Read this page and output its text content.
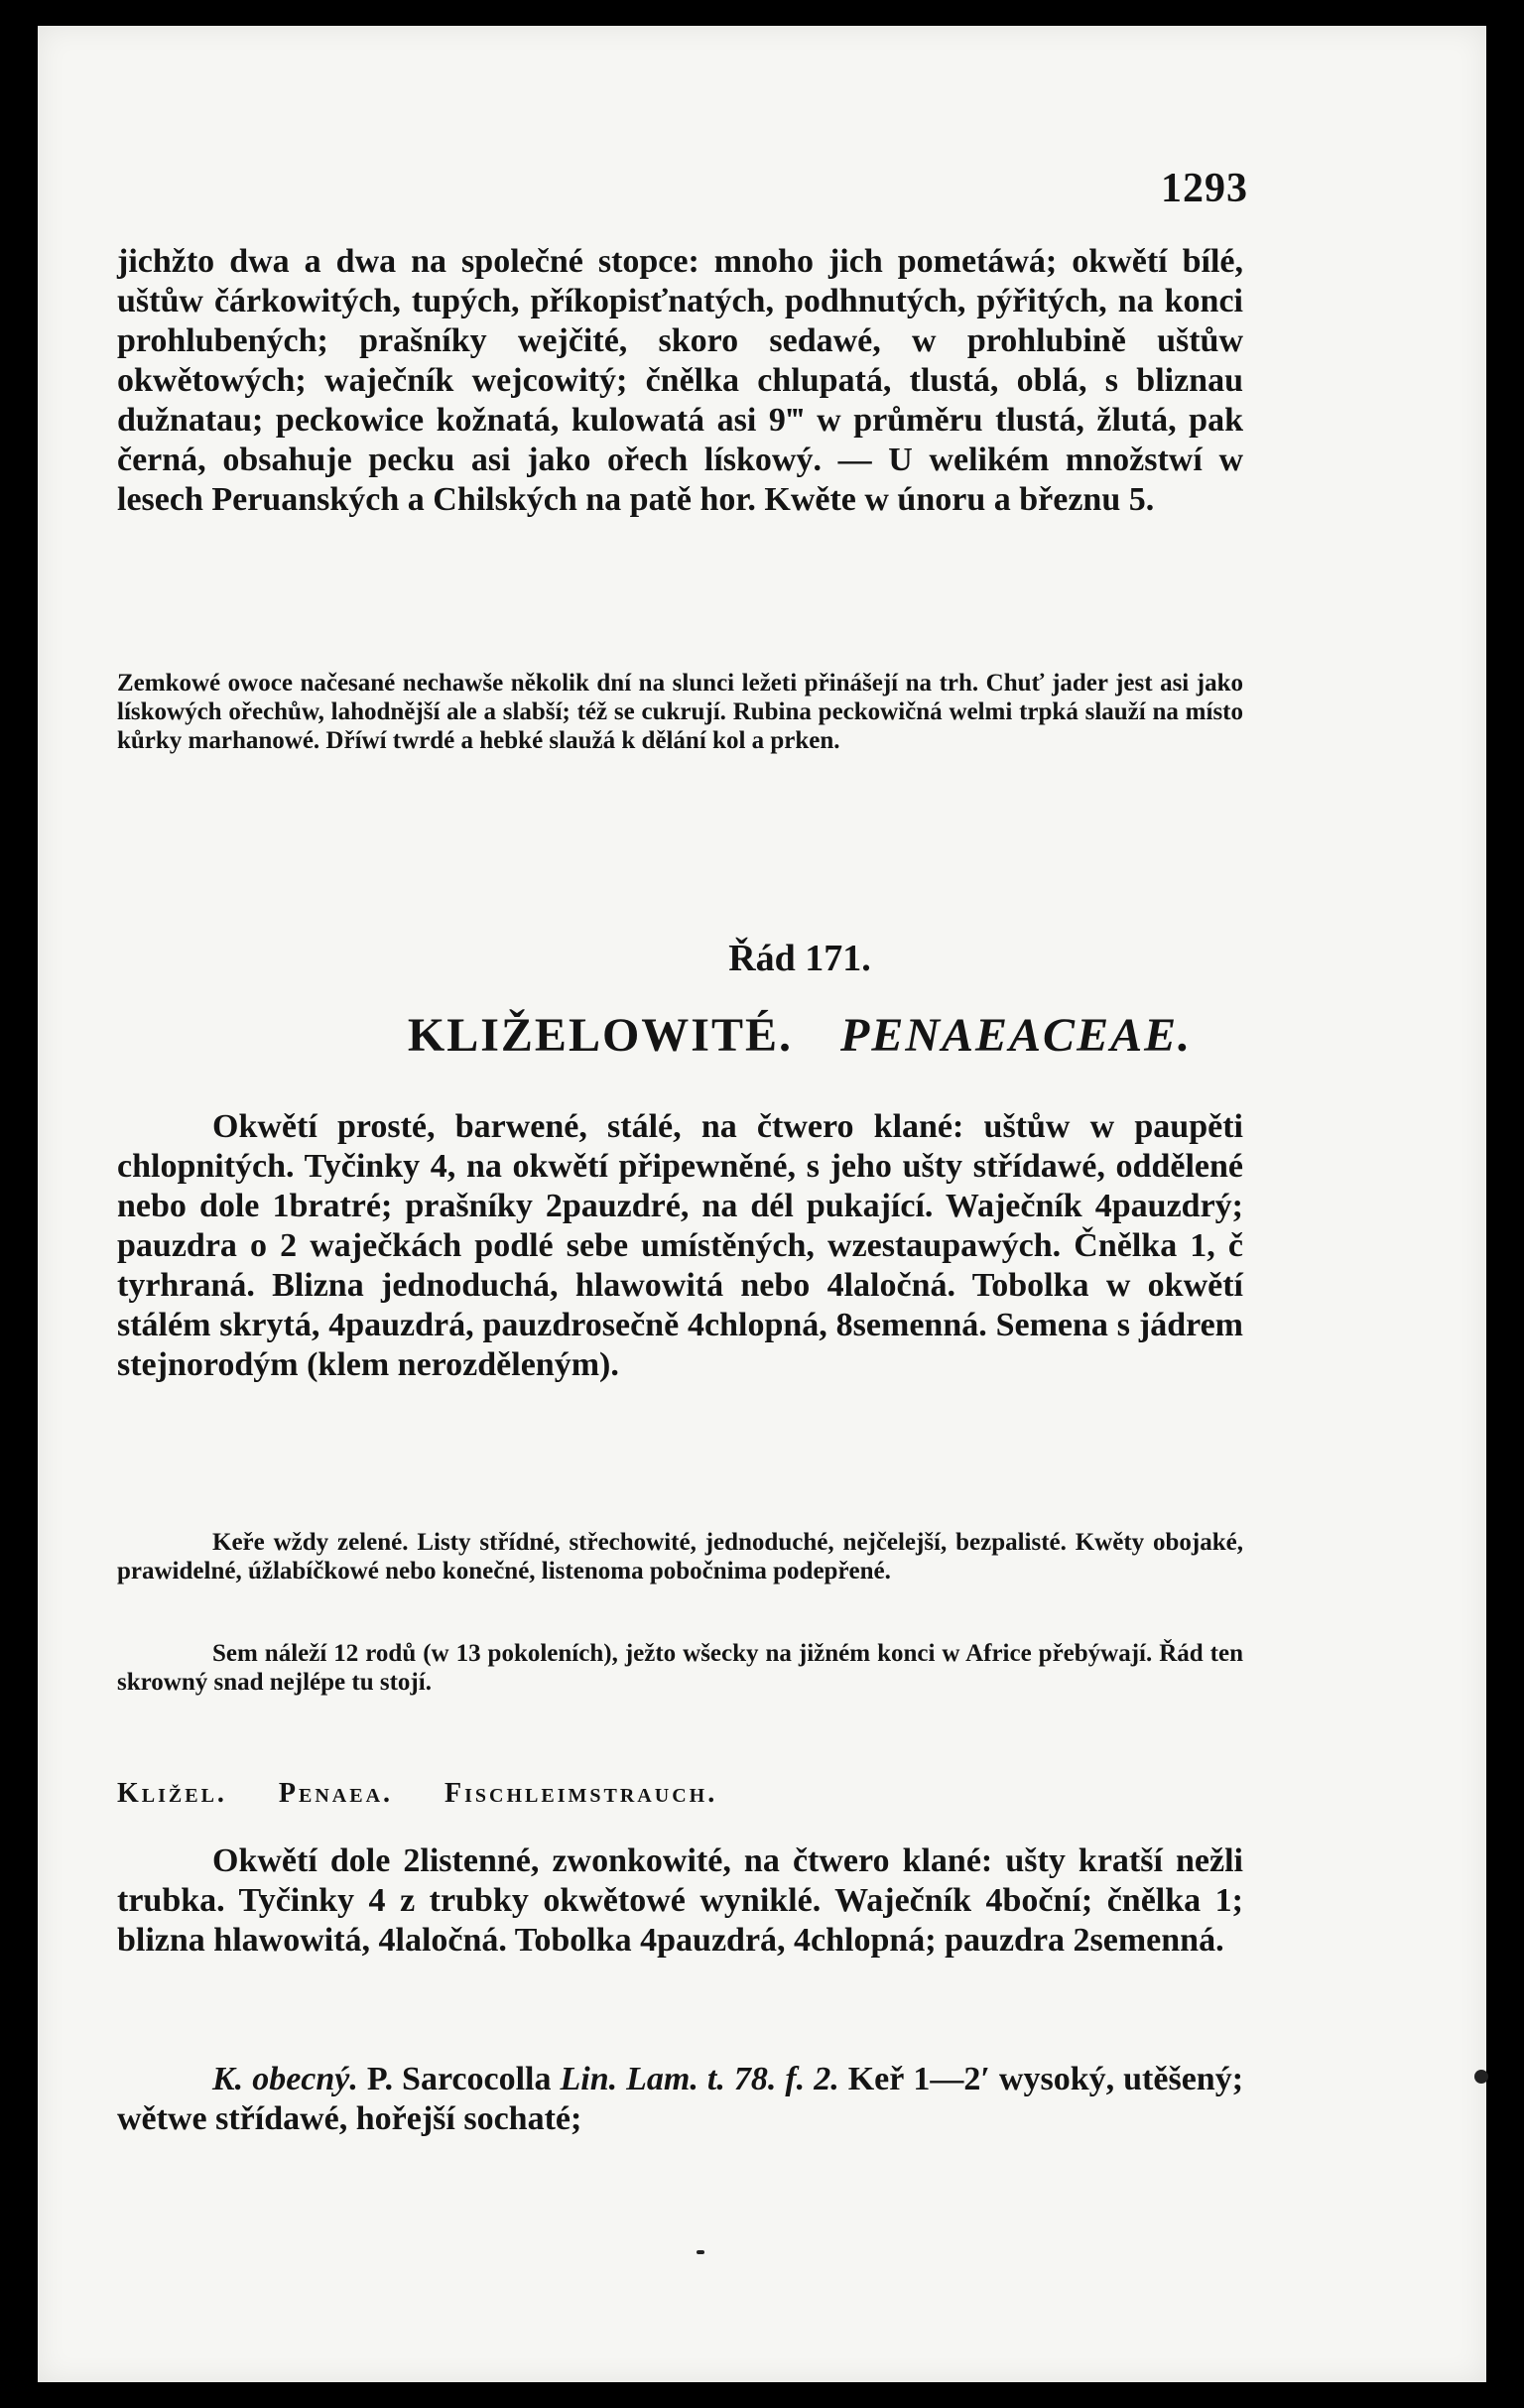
1293

jichžto dwa a dwa na společné stopce: mnoho jich pometáwá; okwětí bílé, uštůw čárkowitých, tupých, příkopisťnatých, podhnutých, pýřitých, na konci prohlubených; prašníky wejčité, skoro sedawé, w prohlubině uštůw okwětowých; waječník wejcowitý; čnělka chlupatá, tlustá, oblá, s bliznau dužnatau; peckowice kožnatá, kulowatá asi 9‴ w průměru tlustá, žlutá, pak černá, obsahuje pecku asi jako ořech lískowý. — U welikém množstwí w lesech Peruanských a Chilských na patě hor. Kwěte w únoru a březnu 5.

Zemkowé owoce načesané nechawše několik dní na slunci ležeti přinášejí na trh. Chuť jader jest asi jako lískowých ořechůw, lahodnější ale a slabší; též se cukrují. Rubina peckowičná welmi trpká slauží na místo kůrky marhanowé. Dříwí twrdé a hebké slaužá k dělání kol a prken.

Řád 171.
KLIŽELOWITÉ. PENAEACEAE.

Okwětí prosté, barwené, stálé, na čtwero klané: uštůw w paupěti chlopnitých. Tyčinky 4, na okwětí připewněné, s jeho ušty střídawé, oddělené nebo dole 1bratré; prašníky 2pauzdré, na dél pukající. Waječník 4pauzdrý; pauzdra o 2 waječkách podlé sebe umístěných, wzestaupawých. Čnělka 1, č tyrhraná. Blizna jednoduchá, hlawowitá nebo 4laločná. Tobolka w okwětí stálém skrytá, 4pauzdrá, pauzdrosečně 4chlopná, 8semenná. Semena s jádrem stejnorodým (klem nerozděleným).

Keře wždy zelené. Listy střídné, střechowité, jednoduché, nejčelejší, bezpalisté. Kwěty obojaké, prawidelné, úžlabíčkowé nebo konečné, listenoma pobočnima podepřené.

Sem náleží 12 rodů (w 13 pokoleních), ježto wšecky na jižném konci w Africe přebýwají. Řád ten skrowný snad nejlépe tu stojí.

Kližel. Penaea. Fischleimstrauch.

Okwětí dole 2listenné, zwonkowité, na čtwero klané: ušty kratší nežli trubka. Tyčinky 4 z trubky okwětowé wyniklé. Waječník 4boční; čnělka 1; blizna hlawowitá, 4laločná. Tobolka 4pauzdrá, 4chlopná; pauzdra 2semenná.

K. obecný. P. Sarcocolla Lin. Lam. t. 78. f. 2. Keř 1—2′ wysoký, utěšený; wětwe střídawé, hořejší sochaté;
